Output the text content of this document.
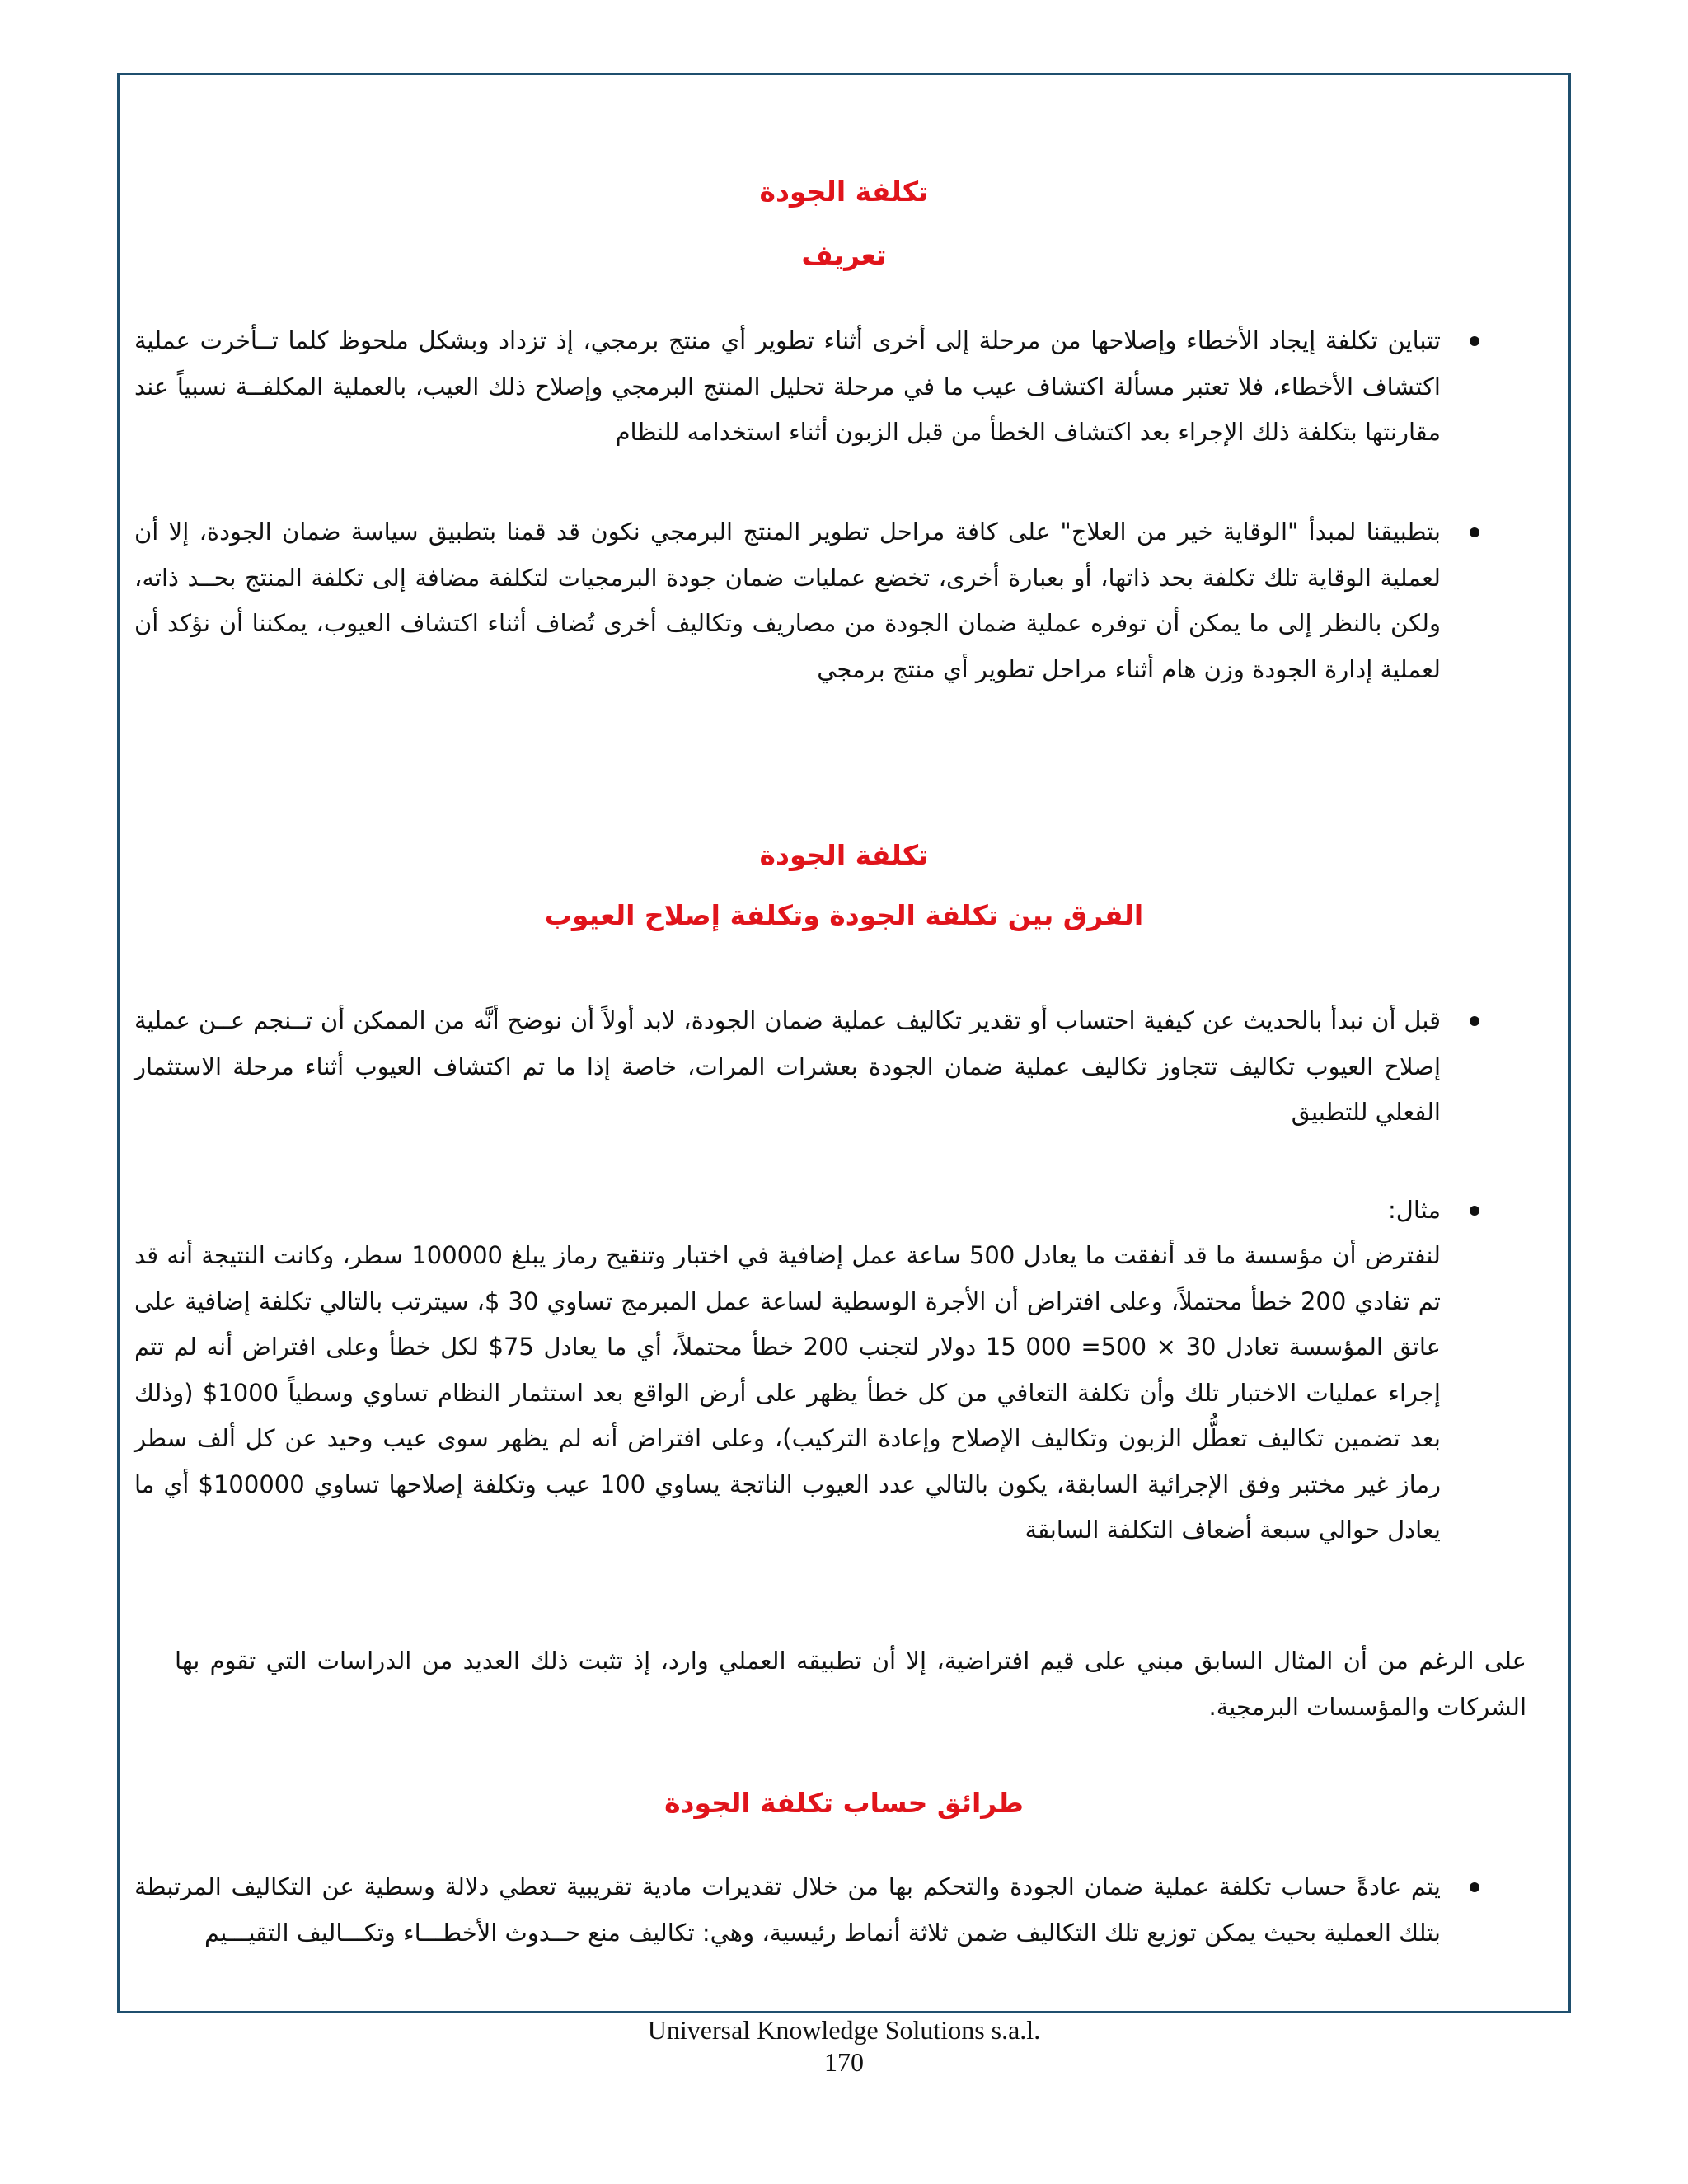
تكلفة الجودة
تعريف
تتباين تكلفة إيجاد الأخطاء وإصلاحها من مرحلة إلى أخرى أثناء تطوير أي منتج برمجي، إذ تزداد وبشكل ملحوظ كلما تــأخرت عملية اكتشاف الأخطاء، فلا تعتبر مسألة اكتشاف عيب ما في مرحلة تحليل المنتج البرمجي وإصلاح ذلك العيب، بالعملية المكلفــة نسبياً عند مقارنتها بتكلفة ذلك الإجراء بعد اكتشاف الخطأ من قبل الزبون أثناء استخدامه للنظام
بتطبيقنا لمبدأ "الوقاية خير من العلاج" على كافة مراحل تطوير المنتج البرمجي نكون قد قمنا بتطبيق سياسة ضمان الجودة، إلا أن لعملية الوقاية تلك تكلفة بحد ذاتها، أو بعبارة أخرى، تخضع عمليات ضمان جودة البرمجيات لتكلفة مضافة إلى تكلفة المنتج بحــد ذاته، ولكن بالنظر إلى ما يمكن أن توفره عملية ضمان الجودة من مصاريف وتكاليف أخرى تُضاف أثناء اكتشاف العيوب، يمكننا أن نؤكد أن لعملية إدارة الجودة وزن هام أثناء مراحل تطوير أي منتج برمجي
تكلفة الجودة
الفرق بين تكلفة الجودة وتكلفة إصلاح العيوب
قبل أن نبدأ بالحديث عن كيفية احتساب أو تقدير تكاليف عملية ضمان الجودة، لابد أولاً أن نوضح أنَّه من الممكن أن تــنجم عــن عملية إصلاح العيوب تكاليف تتجاوز تكاليف عملية ضمان الجودة بعشرات المرات، خاصة إذا ما تم اكتشاف العيوب أثناء مرحلة الاستثمار الفعلي للتطبيق
مثال:
لنفترض أن مؤسسة ما قد أنفقت ما يعادل 500 ساعة عمل إضافية في اختبار وتنقيح رماز يبلغ 100000 سطر، وكانت النتيجة أنه قد تم تفادي 200 خطأ محتملاً، وعلى افتراض أن الأجرة الوسطية لساعة عمل المبرمج تساوي 30 $، سيترتب بالتالي تكلفة إضافية على عاتق المؤسسة تعادل 30 × 500= 000 15 دولار لتجنب 200 خطأ محتملاً، أي ما يعادل 75$ لكل خطأ وعلى افتراض أنه لم تتم إجراء عمليات الاختبار تلك وأن تكلفة التعافي من كل خطأ يظهر على أرض الواقع بعد استثمار النظام تساوي وسطياً 1000$ (وذلك بعد تضمين تكاليف تعطُّل الزبون وتكاليف الإصلاح وإعادة التركيب)، وعلى افتراض أنه لم يظهر سوى عيب وحيد عن كل ألف سطر رماز غير مختبر وفق الإجرائية السابقة، يكون بالتالي عدد العيوب الناتجة يساوي 100 عيب وتكلفة إصلاحها تساوي 100000$ أي ما يعادل حوالي سبعة أضعاف التكلفة السابقة
على الرغم من أن المثال السابق مبني على قيم افتراضية، إلا أن تطبيقه العملي وارد، إذ تثبت ذلك العديد من الدراسات التي تقوم بها الشركات والمؤسسات البرمجية.
طرائق حساب تكلفة الجودة
يتم عادةً حساب تكلفة عملية ضمان الجودة والتحكم بها من خلال تقديرات مادية تقريبية تعطي دلالة وسطية عن التكاليف المرتبطة بتلك العملية بحيث يمكن توزيع تلك التكاليف ضمن ثلاثة أنماط رئيسية، وهي: تكاليف منع حــدوث الأخطـــاء وتكـــاليف التقيـــيم
Universal Knowledge Solutions s.a.l.
170
